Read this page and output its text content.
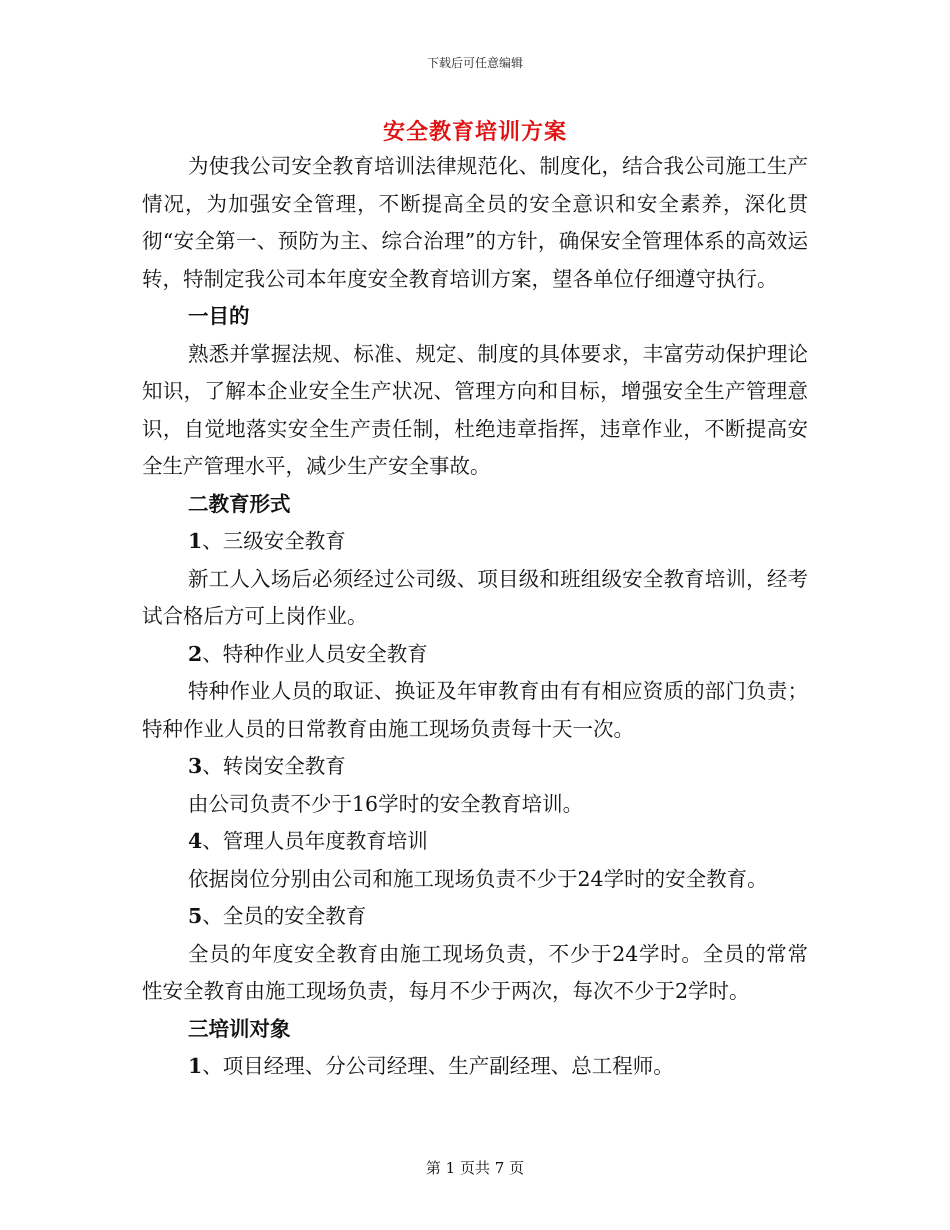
下载后可任意编辑
安全教育培训方案

为使我公司安全教育培训法律规范化、制度化，结合我公司施工生产情况，为加强安全管理，不断提高全员的安全意识和安全素养，深化贯彻“安全第一、预防为主、综合治理”的方针，确保安全管理体系的高效运转，特制定我公司本年度安全教育培训方案，望各单位仔细遵守执行。

一目的

熟悉并掌握法规、标准、规定、制度的具体要求，丰富劳动保护理论知识，了解本企业安全生产状况、管理方向和目标，增强安全生产管理意识，自觉地落实安全生产责任制，杜绝违章指挥，违章作业，不断提高安全生产管理水平，减少生产安全事故。

二教育形式

1、三级安全教育

新工人入场后必须经过公司级、项目级和班组级安全教育培训，经考试合格后方可上岗作业。

2、特种作业人员安全教育

特种作业人员的取证、换证及年审教育由有有相应资质的部门负责；特种作业人员的日常教育由施工现场负责每十天一次。

3、转岗安全教育

由公司负责不少于16学时的安全教育培训。

4、管理人员年度教育培训

依据岗位分别由公司和施工现场负责不少于24学时的安全教育。

5、全员的安全教育

全员的年度安全教育由施工现场负责，不少于24学时。全员的常常性安全教育由施工现场负责，每月不少于两次，每次不少于2学时。

三培训对象

1、项目经理、分公司经理、生产副经理、总工程师。

第 1 页共 7 页
